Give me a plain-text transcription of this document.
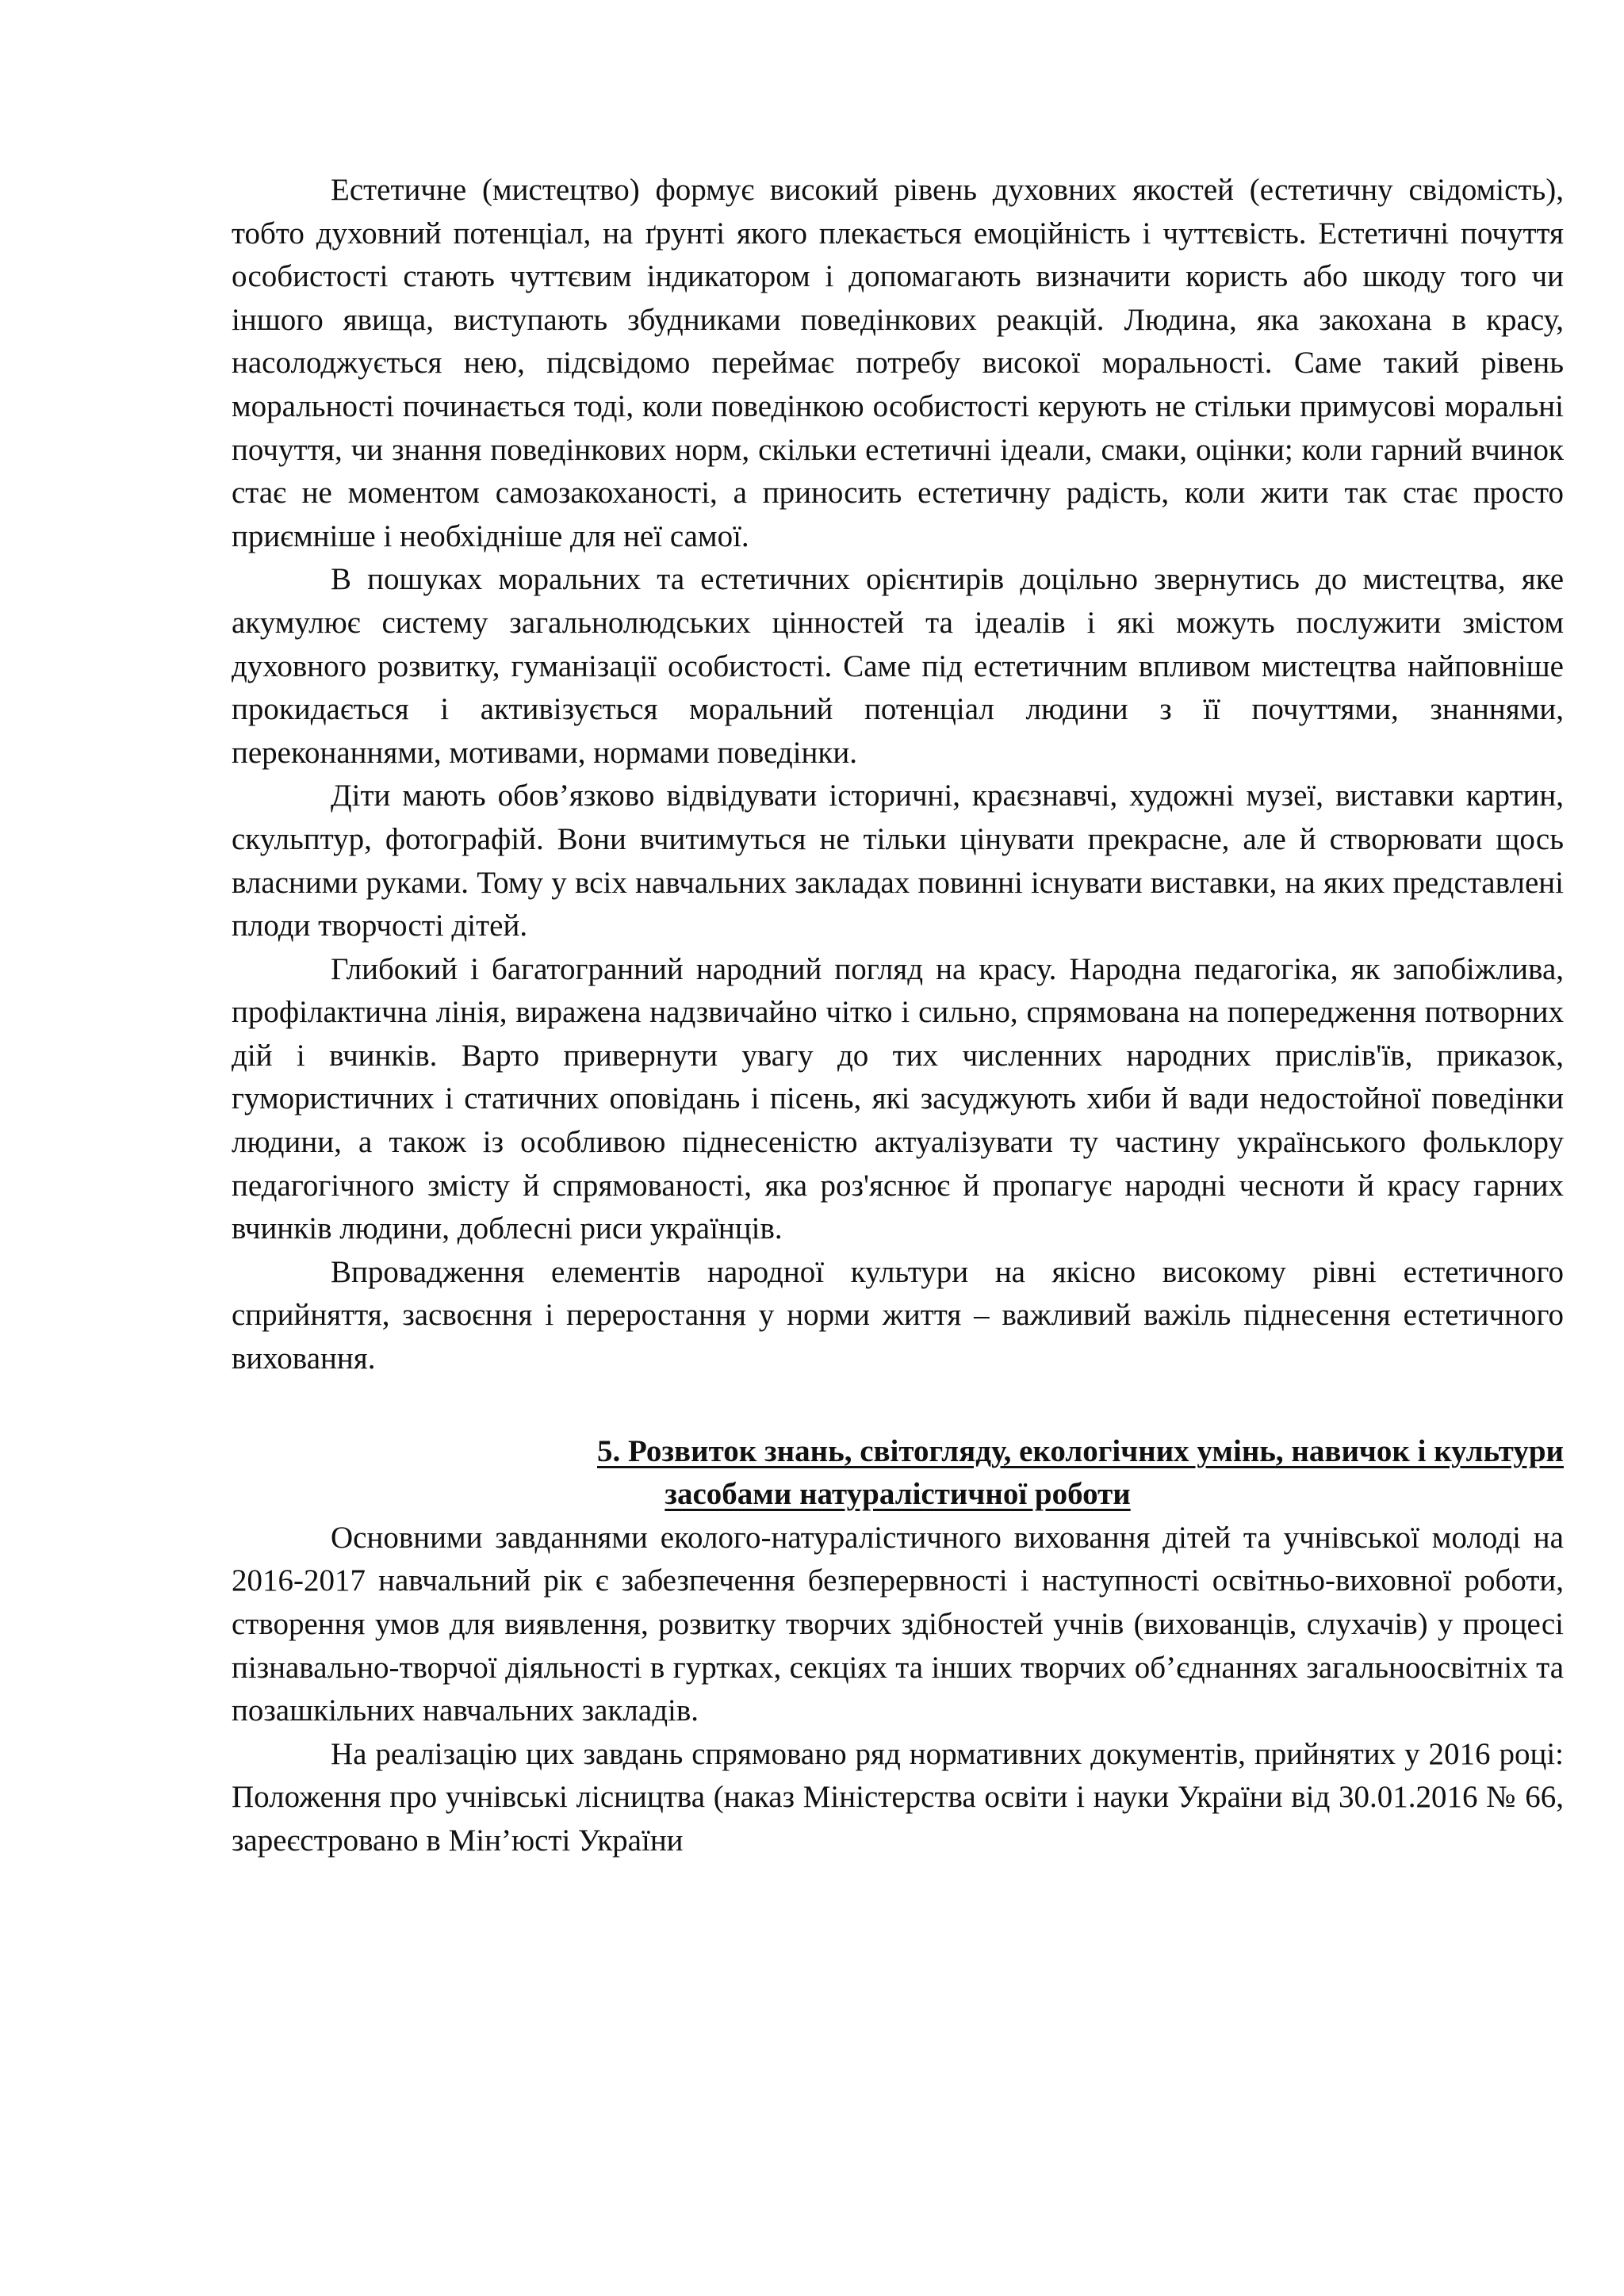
Естетичне (мистецтво) формує високий рівень духовних якостей (естетичну свідомість), тобто духовний потенціал, на ґрунті якого плекається емоційність і чуттєвість. Естетичні почуття особистості стають чуттєвим індикатором і допомагають визначити користь або шкоду того чи іншого явища, виступають збудниками поведінкових реакцій. Людина, яка закохана в красу, насолоджується нею, підсвідомо переймає потребу високої моральності. Саме такий рівень моральності починається тоді, коли поведінкою особистості керують не стільки примусові моральні почуття, чи знання поведінкових норм, скільки естетичні ідеали, смаки, оцінки; коли гарний вчинок стає не моментом самозакоханості, а приносить естетичну радість, коли жити так стає просто приємніше і необхідніше для неї самої.

В пошуках моральних та естетичних орієнтирів доцільно звернутись до мистецтва, яке акумулює систему загальнолюдських цінностей та ідеалів і які можуть послужити змістом духовного розвитку, гуманізації особистості. Саме під естетичним впливом мистецтва найповніше прокидається і активізується моральний потенціал людини з її почуттями, знаннями, переконаннями, мотивами, нормами поведінки.

Діти мають обов’язково відвідувати історичні, краєзнавчі, художні музеї, виставки картин, скульптур, фотографій. Вони вчитимуться не тільки цінувати прекрасне, але й створювати щось власними руками. Тому у всіх навчальних закладах повинні існувати виставки, на яких представлені плоди творчості дітей.

Глибокий і багатогранний народний погляд на красу. Народна педагогіка, як запобіжлива, профілактична лінія, виражена надзвичайно чітко і сильно, спрямована на попередження потворних дій і вчинків. Варто привернути увагу до тих численних народних прислів'їв, приказок, гумористичних і статичних оповідань і пісень, які засуджують хиби й вади недостойної поведінки людини, а також із особливою піднесеністю актуалізувати ту частину українського фольклору педагогічного змісту й спрямованості, яка роз'яснює й пропагує народні чесноти й красу гарних вчинків людини, доблесні риси українців.

Впровадження елементів народної культури на якісно високому рівні естетичного сприйняття, засвоєння і переростання у норми життя – важливий важіль піднесення естетичного виховання.

5. Розвиток знань, світогляду, екологічних умінь, навичок і культури
засобами натуралістичної роботи

Основними завданнями еколого-натуралістичного виховання дітей та учнівської молоді на 2016-2017 навчальний рік є забезпечення безперервності і наступності освітньо-виховної роботи, створення умов для виявлення, розвитку творчих здібностей учнів (вихованців, слухачів) у процесі пізнавально-творчої діяльності в гуртках, секціях та інших творчих об’єднаннях загальноосвітніх та позашкільних навчальних закладів.

На реалізацію цих завдань спрямовано ряд нормативних документів, прийнятих у 2016 році: Положення про учнівські лісництва (наказ Міністерства освіти і науки України від 30.01.2016 № 66, зареєстровано в Мін’юсті України
